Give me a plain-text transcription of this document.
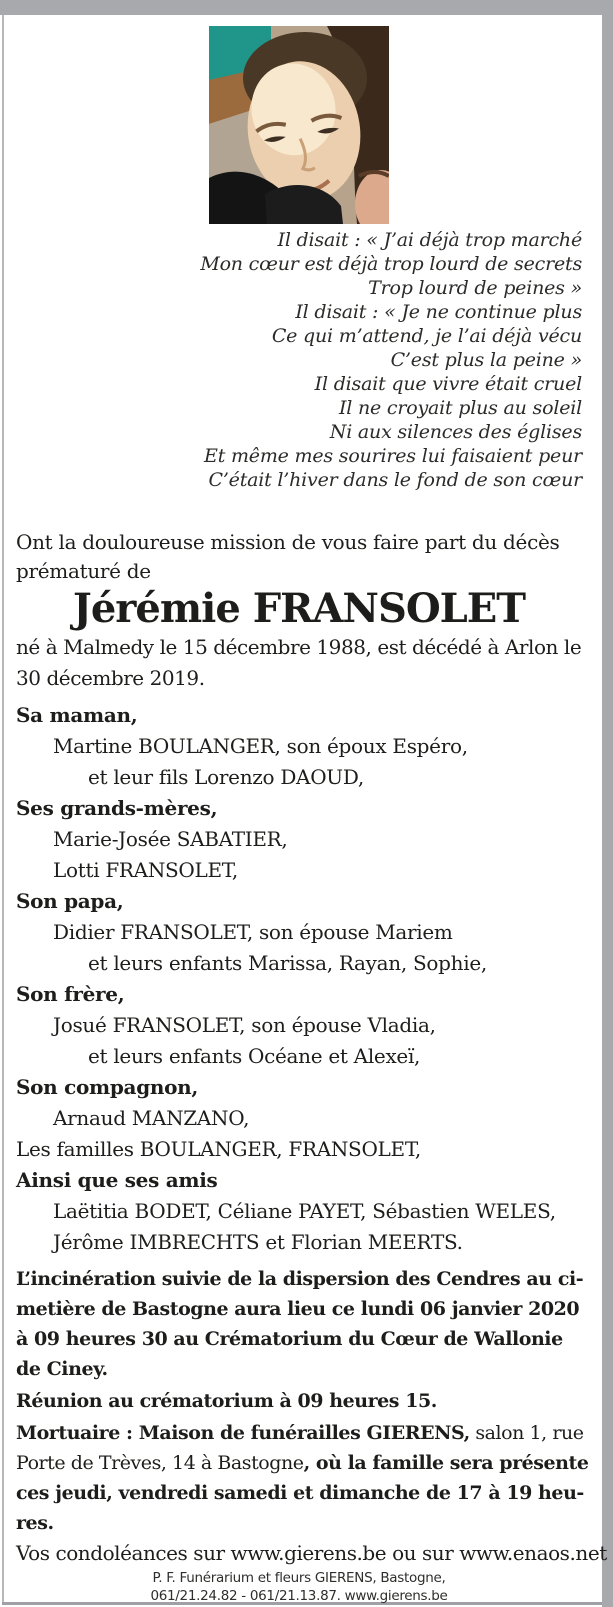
Il disait : « J’ai déjà trop marché
Mon cœur est déjà trop lourd de secrets
Trop lourd de peines »
Il disait : « Je ne continue plus
Ce qui m’attend, je l’ai déjà vécu
C’est plus la peine »
Il disait que vivre était cruel
Il ne croyait plus au soleil
Ni aux silences des églises
Et même mes sourires lui faisaient peur
C’était l’hiver dans le fond de son cœur
Ont la douloureuse mission de vous faire part du décès
prématuré de
Jérémie FRANSOLET
né à Malmedy le 15 décembre 1988, est décédé à Arlon le
30 décembre 2019.
Sa maman,
Martine BOULANGER, son époux Espéro,
et leur fils Lorenzo DAOUD,
Ses grands-mères,
Marie-Josée SABATIER,
Lotti FRANSOLET,
Son papa,
Didier FRANSOLET, son épouse Mariem
et leurs enfants Marissa, Rayan, Sophie,
Son frère,
Josué FRANSOLET, son épouse Vladia,
et leurs enfants Océane et Alexeï,
Son compagnon,
Arnaud MANZANO,
Les familles BOULANGER, FRANSOLET,
Ainsi que ses amis
Laëtitia BODET, Céliane PAYET, Sébastien WELES,
Jérôme IMBRECHTS et Florian MEERTS.
L’incinération suivie de la dispersion des Cendres au ci-
metière de Bastogne aura lieu ce lundi 06 janvier 2020
à 09 heures 30 au Crématorium du Cœur de Wallonie
de Ciney.
Réunion au crématorium à 09 heures 15.
Mortuaire : Maison de funérailles GIERENS, salon 1, rue
Porte de Trèves, 14 à Bastogne, où la famille sera présente
ces jeudi, vendredi samedi et dimanche de 17 à 19 heu-
res.
Vos condoléances sur www.gierens.be ou sur www.enaos.net
P. F. Funérarium et fleurs GIERENS, Bastogne,
061/21.24.82 - 061/21.13.87. www.gierens.be
